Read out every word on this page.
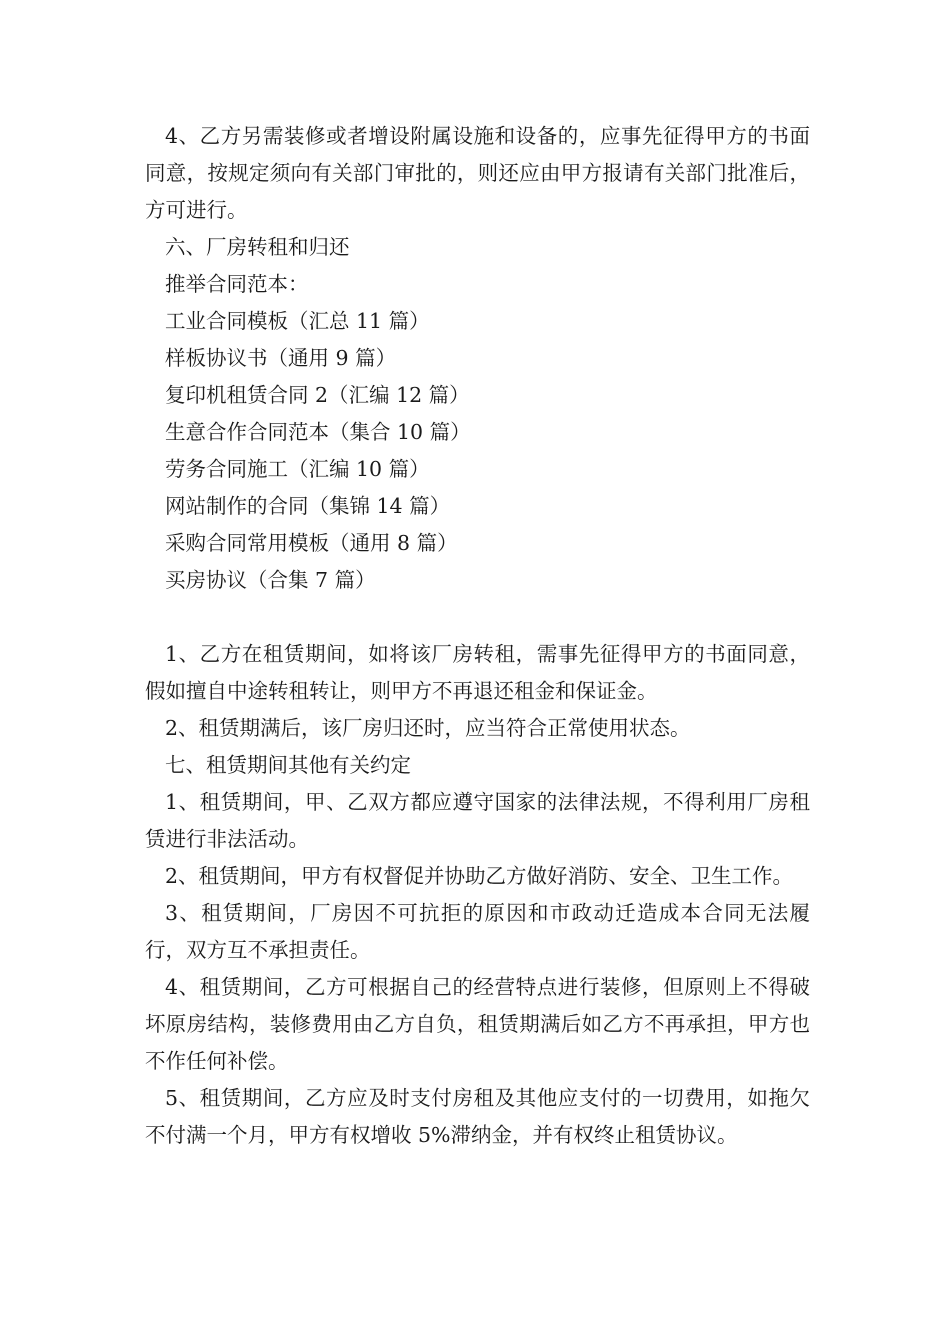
4、乙方另需装修或者增设附属设施和设备的，应事先征得甲方的书面同意，按规定须向有关部门审批的，则还应由甲方报请有关部门批准后，方可进行。

六、厂房转租和归还

推举合同范本：

工业合同模板（汇总 11 篇）

样板协议书（通用 9 篇）

复印机租赁合同 2（汇编 12 篇）

生意合作合同范本（集合 10 篇）

劳务合同施工（汇编 10 篇）

网站制作的合同（集锦 14 篇）

采购合同常用模板（通用 8 篇）

买房协议（合集 7 篇）

1、乙方在租赁期间，如将该厂房转租，需事先征得甲方的书面同意，假如擅自中途转租转让，则甲方不再退还租金和保证金。

2、租赁期满后，该厂房归还时，应当符合正常使用状态。

七、租赁期间其他有关约定

1、租赁期间，甲、乙双方都应遵守国家的法律法规，不得利用厂房租赁进行非法活动。

2、租赁期间，甲方有权督促并协助乙方做好消防、安全、卫生工作。

3、租赁期间，厂房因不可抗拒的原因和市政动迁造成本合同无法履行，双方互不承担责任。

4、租赁期间，乙方可根据自己的经营特点进行装修，但原则上不得破坏原房结构，装修费用由乙方自负，租赁期满后如乙方不再承担，甲方也不作任何补偿。

5、租赁期间，乙方应及时支付房租及其他应支付的一切费用，如拖欠不付满一个月，甲方有权增收 5%滞纳金，并有权终止租赁协议。
